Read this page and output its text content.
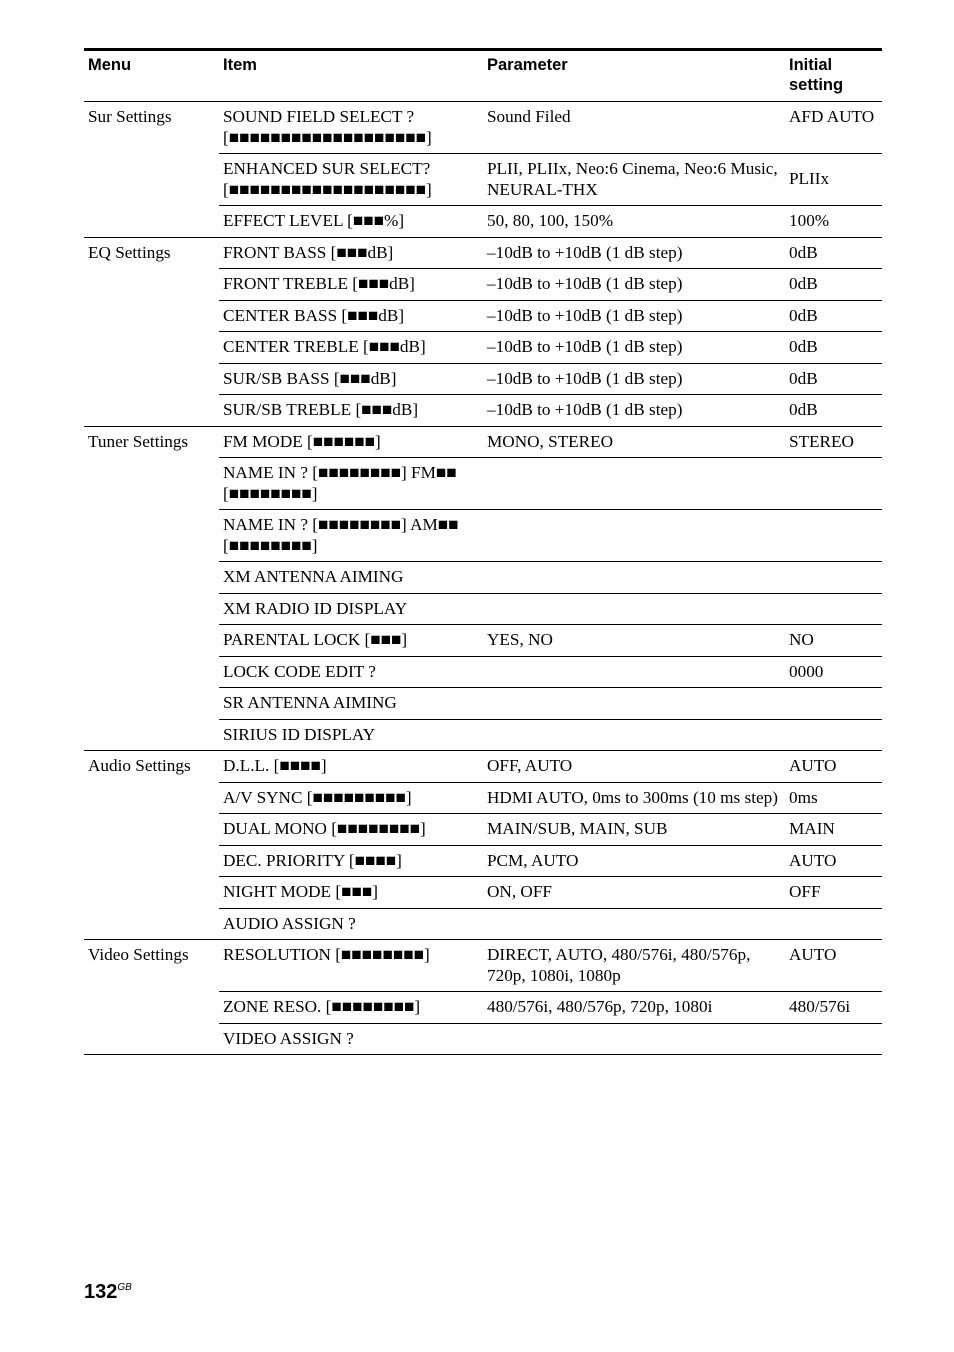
Menu	Item	Parameter	Initial setting
Sur Settings	SOUND FIELD SELECT ? [■■■■■■■■■■■■■■■■■■■]	Sound Filed	AFD AUTO
	ENHANCED SUR SELECT? [■■■■■■■■■■■■■■■■■■■]	PLII, PLIIx, Neo:6 Cinema, Neo:6 Music, NEURAL-THX	PLIIx
	EFFECT LEVEL [■■■%]	50, 80, 100, 150%	100%
EQ Settings	FRONT BASS [■■■dB]	–10dB to +10dB (1 dB step)	0dB
	FRONT TREBLE [■■■dB]	–10dB to +10dB (1 dB step)	0dB
	CENTER BASS [■■■dB]	–10dB to +10dB (1 dB step)	0dB
	CENTER TREBLE [■■■dB]	–10dB to +10dB (1 dB step)	0dB
	SUR/SB BASS [■■■dB]	–10dB to +10dB (1 dB step)	0dB
	SUR/SB TREBLE [■■■dB]	–10dB to +10dB (1 dB step)	0dB
Tuner Settings	FM MODE [■■■■■■]	MONO, STEREO	STEREO
	NAME IN ? [■■■■■■■■] FM■■ [■■■■■■■■]		
	NAME IN ? [■■■■■■■■] AM■■ [■■■■■■■■]		
	XM ANTENNA AIMING		
	XM RADIO ID DISPLAY		
	PARENTAL LOCK [■■■]	YES, NO	NO
	LOCK CODE EDIT ?		0000
	SR ANTENNA AIMING		
	SIRIUS ID DISPLAY		
Audio Settings	D.L.L. [■■■■]	OFF, AUTO	AUTO
	A/V SYNC [■■■■■■■■■]	HDMI AUTO, 0ms to 300ms (10 ms step)	0ms
	DUAL MONO [■■■■■■■■]	MAIN/SUB, MAIN, SUB	MAIN
	DEC. PRIORITY [■■■■]	PCM, AUTO	AUTO
	NIGHT MODE [■■■]	ON, OFF	OFF
	AUDIO ASSIGN ?		
Video Settings	RESOLUTION [■■■■■■■■]	DIRECT, AUTO, 480/576i, 480/576p, 720p, 1080i, 1080p	AUTO
	ZONE RESO. [■■■■■■■■]	480/576i, 480/576p, 720p, 1080i	480/576i
	VIDEO ASSIGN ?		
$132^{GB}$
